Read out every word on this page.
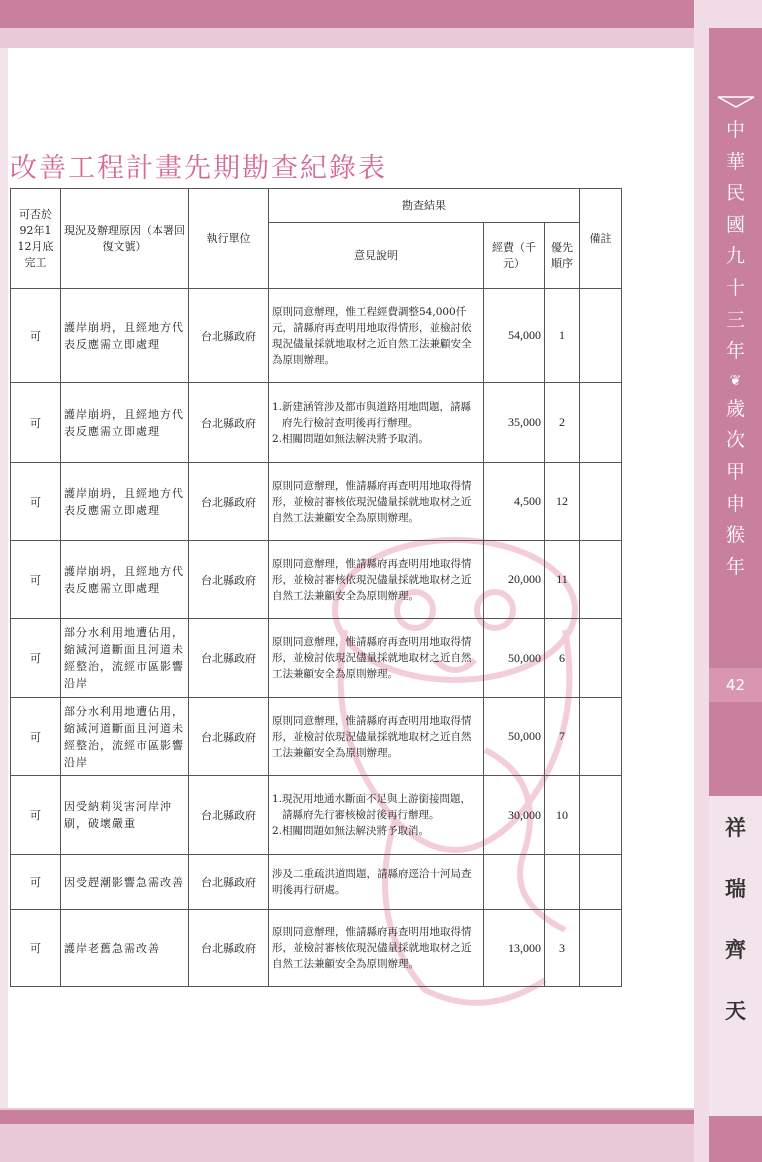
中
華
民
國
九
十
三
年
❦
歲
次
甲
申
猴
年
42
祥
瑞
齊
天
改善工程計畫先期勘查紀錄表
可否於92年1 12月底完工	現況及辦理原因（本署回復文號）	執行單位	勘查結果			備註
			意見說明	經費（千元）	優先順序	
可	護岸崩坍，且經地方代表反應需立即處理	台北縣政府	原則同意辦理，惟工程經費調整54,000仟元，請縣府再查明用地取得情形，並檢討依現況儘量採就地取材之近自然工法兼顧安全為原則辦理。	54,000	1	
可	護岸崩坍，且經地方代表反應需立即處理	台北縣政府	1.新建涵管涉及都市與道路用地問題，請縣府先行檢討查明後再行辦理。
2.相關問題如無法解決將予取消。	35,000	2	
可	護岸崩坍，且經地方代表反應需立即處理	台北縣政府	原則同意辦理，惟請縣府再查明用地取得情形，並檢討審核依現況儘量採就地取材之近自然工法兼顧安全為原則辦理。	4,500	12	
可	護岸崩坍，且經地方代表反應需立即處理	台北縣政府	原則同意辦理，惟請縣府再查明用地取得情形，並檢討審核依現況儘量採就地取材之近自然工法兼顧安全為原則辦理。	20,000	11	
可	部分水利用地遭佔用，縮減河道斷面且河道未經整治，流經市區影響沿岸	台北縣政府	原則同意辦理，惟請縣府再查明用地取得情形，並檢討依現況儘量採就地取材之近自然工法兼顧安全為原則辦理。	50,000	6	
可	部分水利用地遭佔用，縮減河道斷面且河道未經整治，流經市區影響沿岸	台北縣政府	原則同意辦理，惟請縣府再查明用地取得情形，並檢討依現況儘量採就地取材之近自然工法兼顧安全為原則辦理。	50,000	7	
可	因受納莉災害河岸沖刷，破壞嚴重	台北縣政府	1.現況用地通水斷面不足與上游銜接問題，請縣府先行審核檢討後再行辦理。
2.相關問題如無法解決將予取消。	30,000	10	
可	因受趕潮影響急需改善	台北縣政府	涉及二重疏洪道問題，請縣府逕洽十河局查明後再行研處。			

可	護岸老舊急需改善	台北縣政府	原則同意辦理，惟請縣府再查明用地取得情形，並檢討審核依現況儘量採就地取材之近自然工法兼顧安全為原則辦理。	13,000	3	
